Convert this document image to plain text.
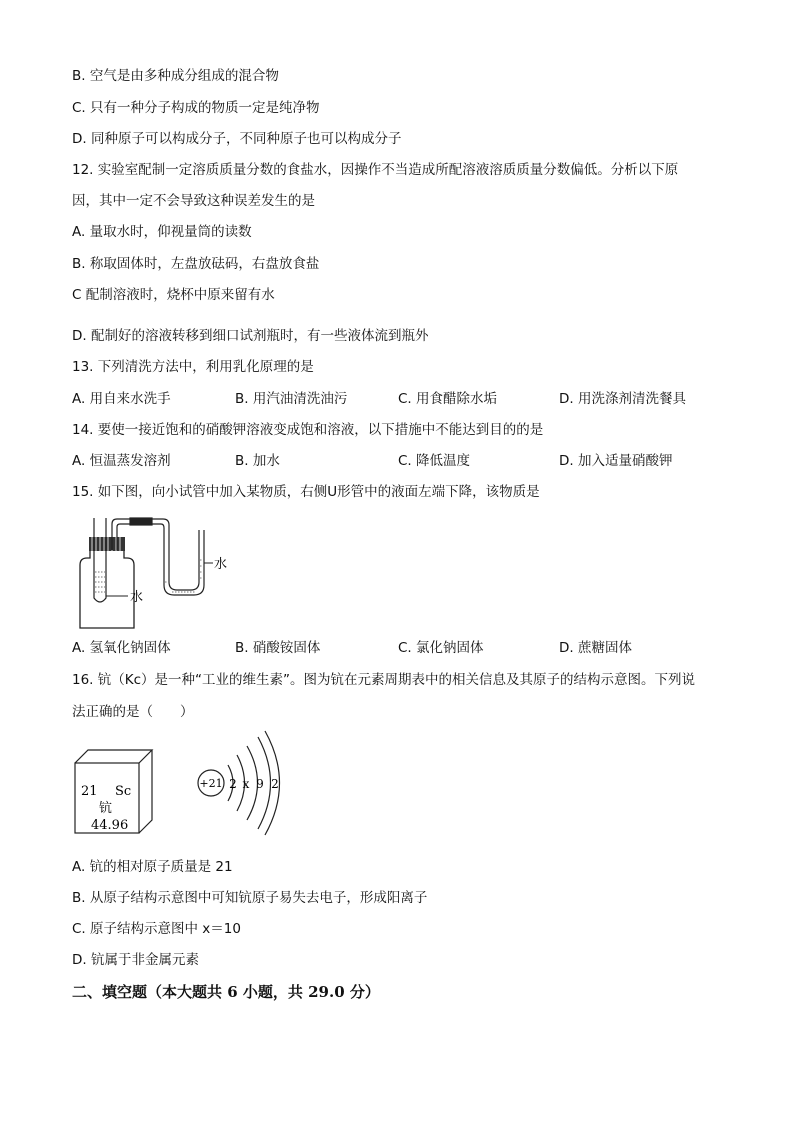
B. 空气是由多种成分组成的混合物
C. 只有一种分子构成的物质一定是纯净物
D. 同种原子可以构成分子，不同种原子也可以构成分子
12. 实验室配制一定溶质质量分数的食盐水，因操作不当造成所配溶液溶质质量分数偏低。分析以下原
因，其中一定不会导致这种误差发生的是
A. 量取水时，仰视量筒的读数
B. 称取固体时，左盘放砝码，右盘放食盐
C 配制溶液时，烧杯中原来留有水
D. 配制好的溶液转移到细口试剂瓶时，有一些液体流到瓶外
13. 下列清洗方法中，利用乳化原理的是
A. 用自来水洗手	B. 用汽油清洗油污	C. 用食醋除水垢	D. 用洗涤剂清洗餐具
14. 要使一接近饱和的硝酸钾溶液变成饱和溶液，以下措施中不能达到目的的是
A. 恒温蒸发溶剂	B. 加水	C. 降低温度	D. 加入适量硝酸钾
15. 如下图，向小试管中加入某物质，右侧U形管中的液面左端下降，该物质是
水
水
A. 氢氧化钠固体	B. 硝酸铵固体	C. 氯化钠固体	D. 蔗糖固体
16. 钪（Kc）是一种“工业的维生素”。图为钪在元素周期表中的相关信息及其原子的结构示意图。下列说
法正确的是（　　）
21 Sc
钪
44.96
+21 2 x 9 2
A. 钪的相对原子质量是 21
B. 从原子结构示意图中可知钪原子易失去电子，形成阳离子
C. 原子结构示意图中 x＝10
D. 钪属于非金属元素
二、填空题（本大题共 6 小题，共 29.0 分）
